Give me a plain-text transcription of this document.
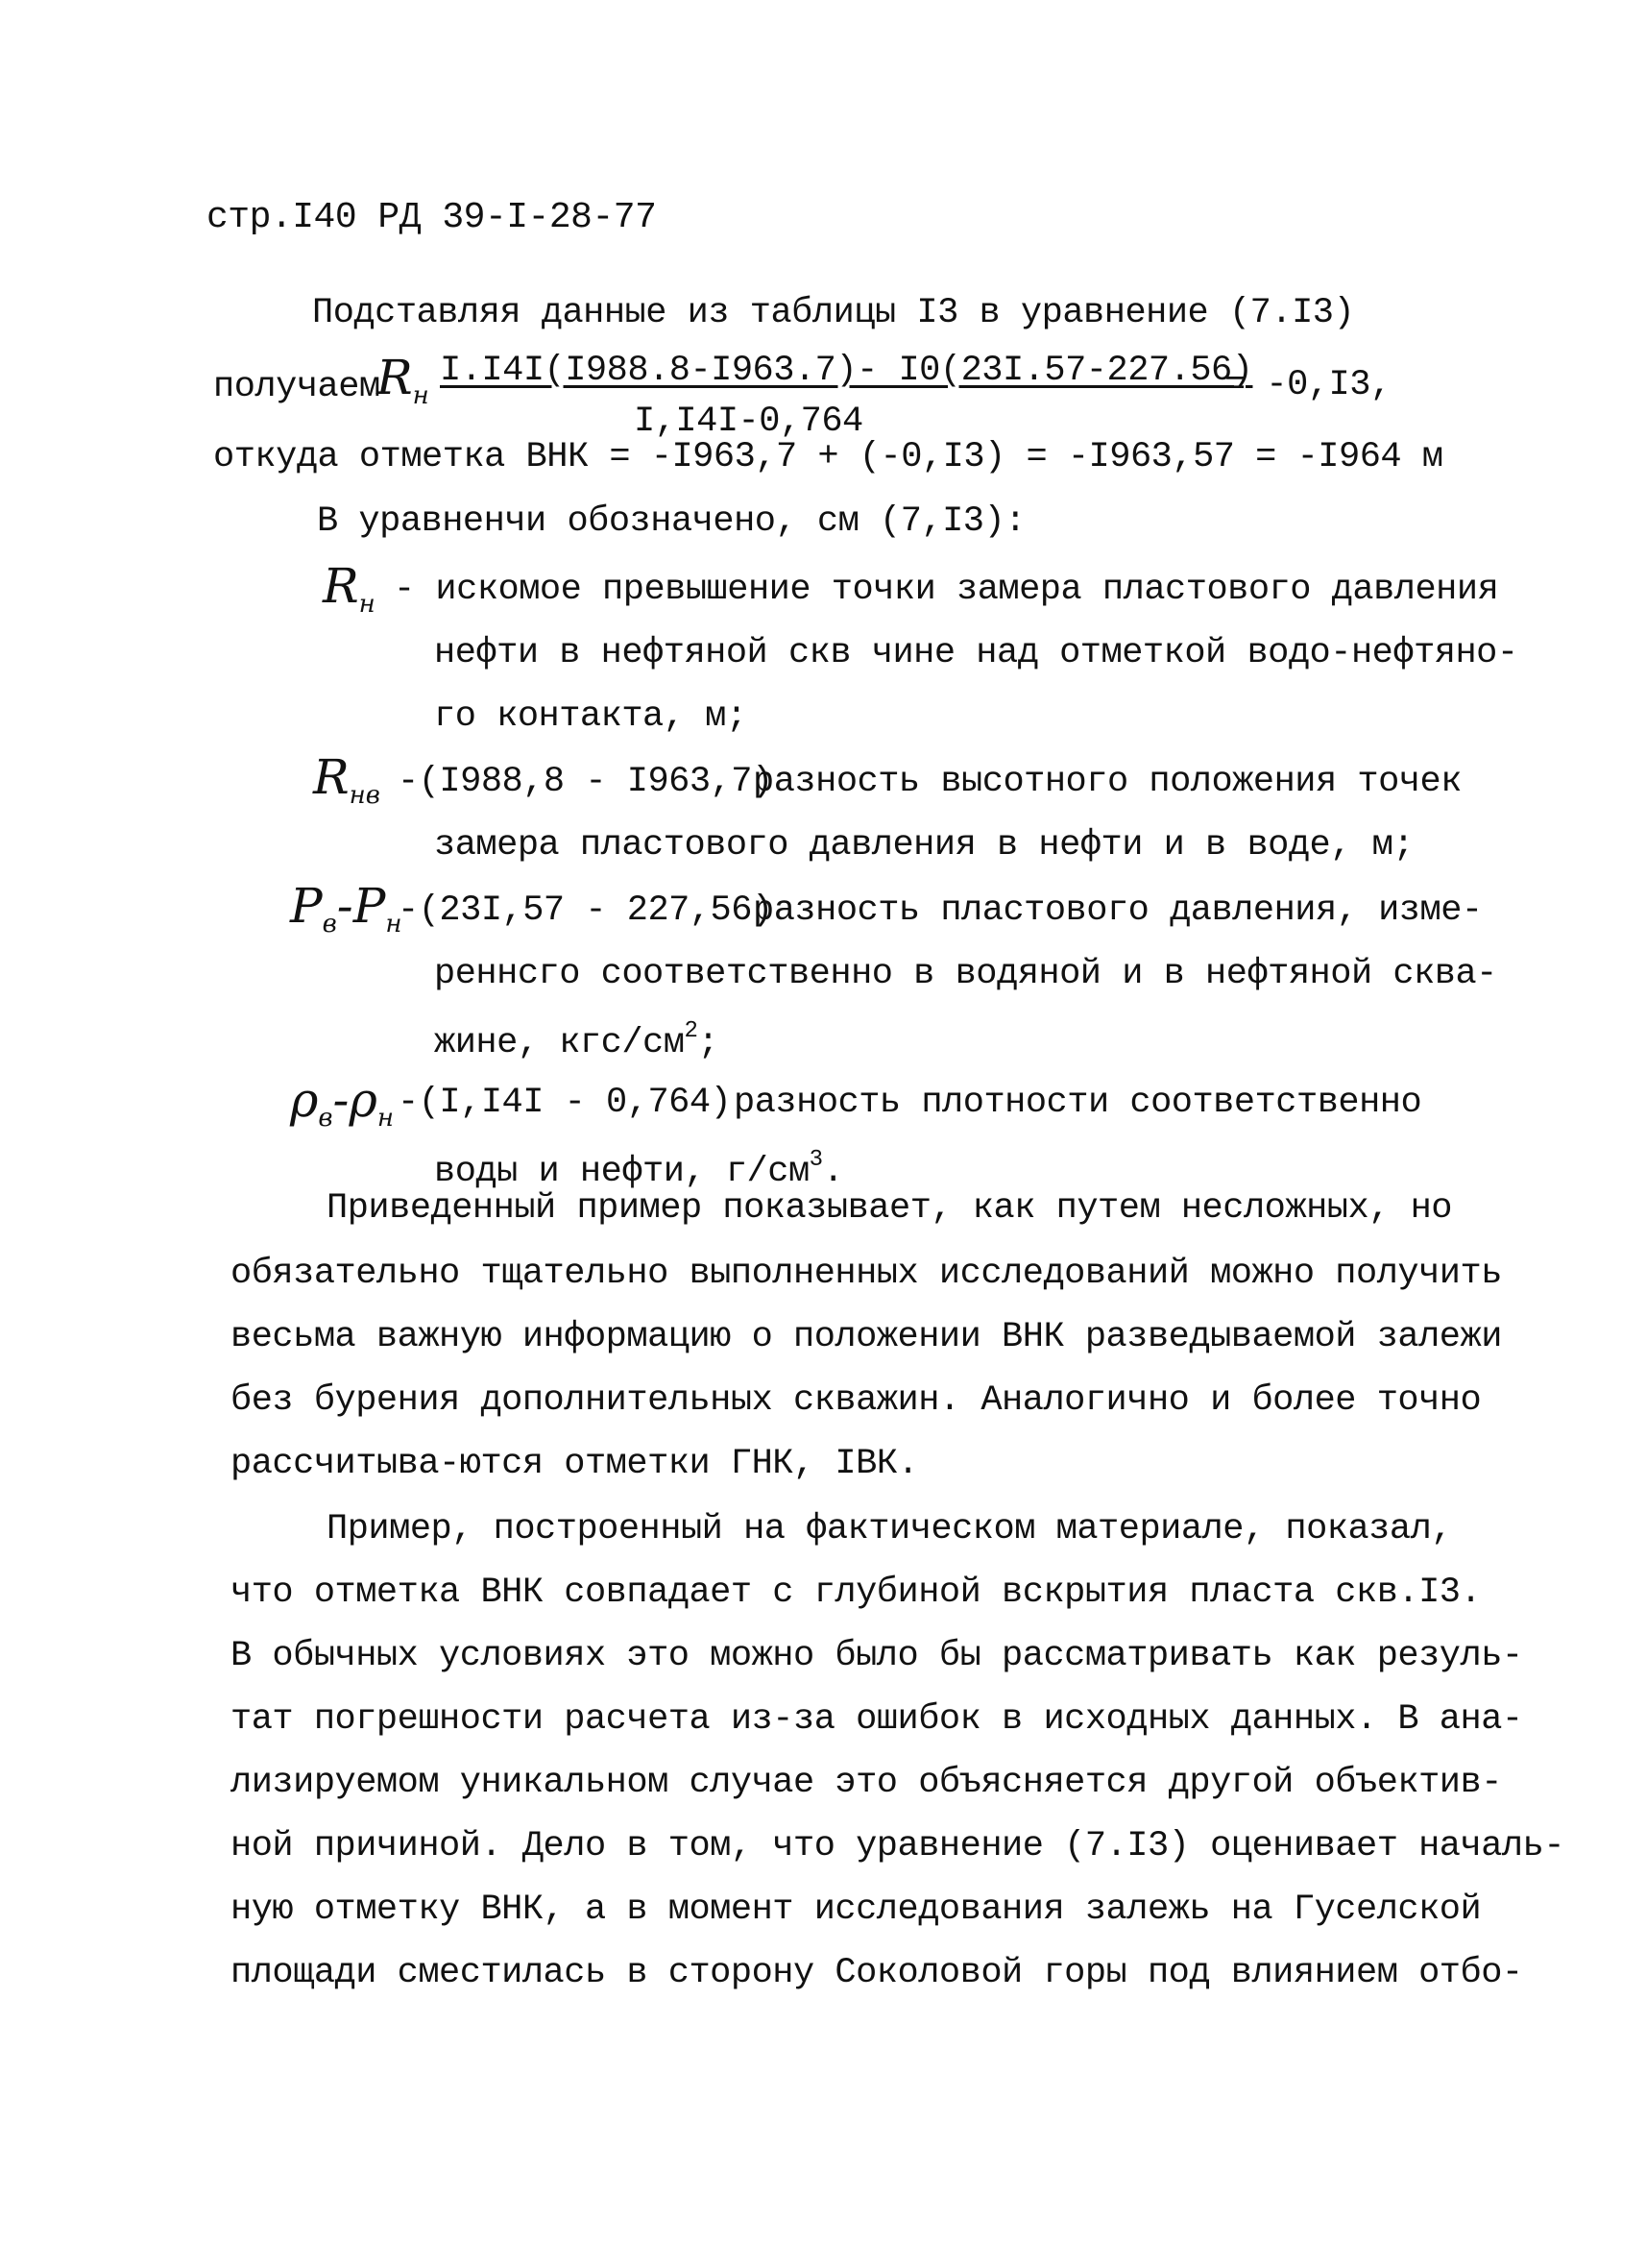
стр.I40 РД 39-I-28-77
Подставляя данные из таблицы I3 в уравнение (7.I3)
получаем
$R_н$
I.I4I(I988.8-I963.7)- I0(23I.57-227.56)
I,I4I-0,764
= -0,I3,
откуда отметка ВНК = -I963,7 + (-0,I3) = -I963,57 = -I964 м
В уравненчи обозначено, см (7,I3):
$R_н$ - искомое превышение точки замера пластового давления
нефти в нефтяной скв чине над отметкой водо-нефтяно-
го контакта, м;
$R_{нв}$ -(I988,8 - I963,7)
разность высотного положения точек
замера пластового давления в нефти и в воде, м;
$P_в-P_н$
-(23I,57 - 227,56)
разность пластового давления, изме-
реннсго соответственно в водяной и в нефтяной сква-
жине, кгс/$см^2$;
$\rho_в-\rho_н$ -(I,I4I - 0,764) разность плотности соответственно
воды и нефти, $г/см^3$.
Приведенный пример показывает, как путем несложных, но
обязательно тщательно выполненных исследований можно получить
весьма важную информацию о положении ВНК разведываемой залежи
без бурения дополнительных скважин. Аналогично и более точно
рассчитыва-ются отметки ГНК, IВК.
Пример, построенный на фактическом материале, показал,
что отметка ВНК совпадает с глубиной вскрытия пласта скв.I3.
В обычных условиях это можно было бы рассматривать как резуль-
тат погрешности расчета из-за ошибок в исходных данных. В ана-
лизируемом уникальном случае это объясняется другой объектив-
ной причиной. Дело в том, что уравнение (7.I3) оценивает началь-
ную отметку ВНК, а в момент исследования залежь на Гуселской
площади сместилась в сторону Соколовой горы под влиянием отбо-
